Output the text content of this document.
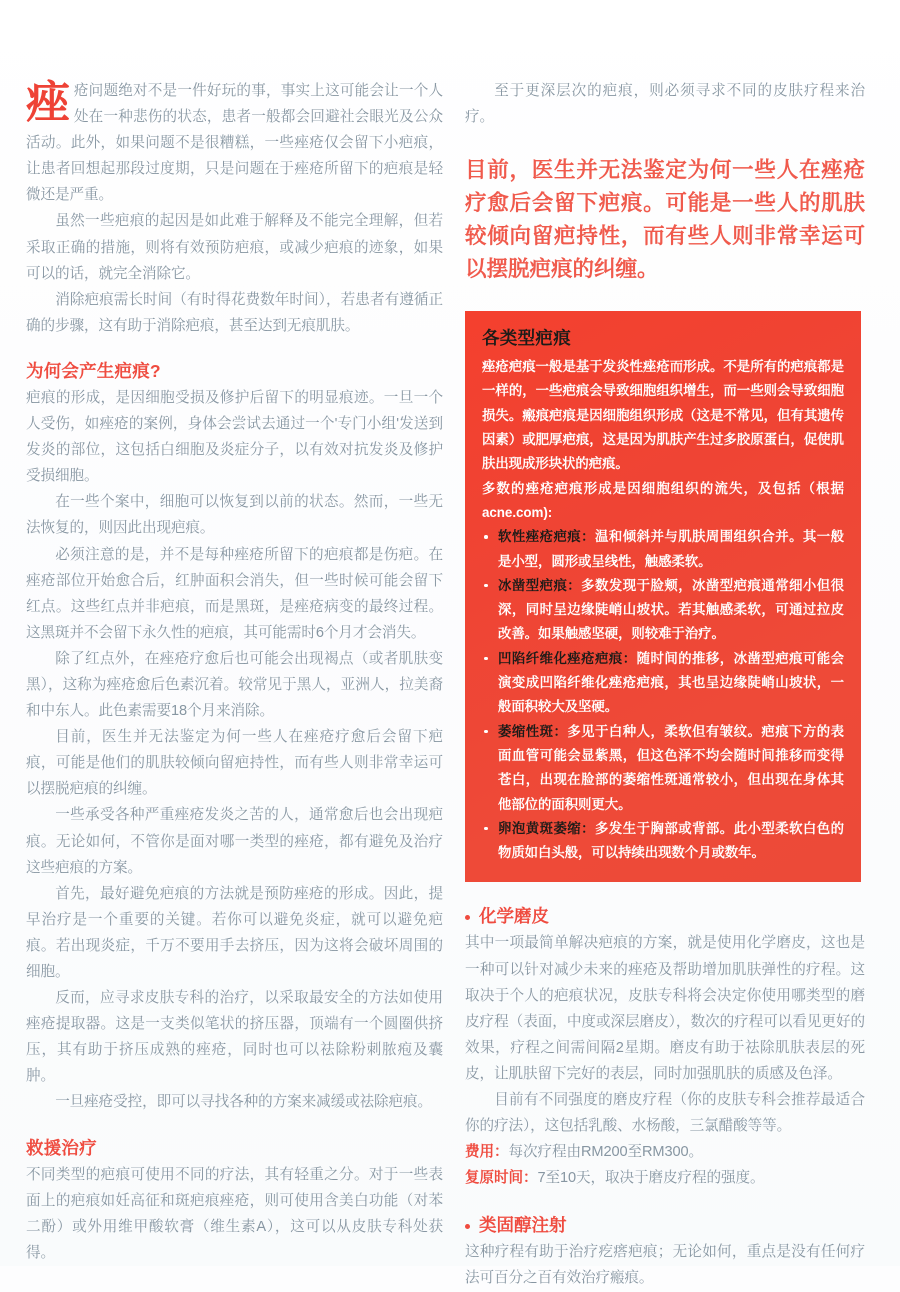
痤疮问题绝对不是一件好玩的事，事实上这可能会让一个人处在一种悲伤的状态，患者一般都会回避社会眼光及公众活动。此外，如果问题不是很糟糕，一些痤疮仅会留下小疤痕，让患者回想起那段过度期，只是问题在于痤疮所留下的疤痕是轻微还是严重。

虽然一些疤痕的起因是如此难于解释及不能完全理解，但若采取正确的措施，则将有效预防疤痕，或减少疤痕的迹象，如果可以的话，就完全消除它。

消除疤痕需长时间（有时得花费数年时间），若患者有遵循正确的步骤，这有助于消除疤痕，甚至达到无痕肌肤。

为何会产生疤痕?

疤痕的形成，是因细胞受损及修护后留下的明显痕迹。一旦一个人受伤，如痤疮的案例，身体会尝试去通过一个'专门小组'发送到发炎的部位，这包括白细胞及炎症分子，以有效对抗发炎及修护受损细胞。

在一些个案中，细胞可以恢复到以前的状态。然而，一些无法恢复的，则因此出现疤痕。

必须注意的是，并不是每种痤疮所留下的疤痕都是伤疤。在痤疮部位开始愈合后，红肿面积会消失，但一些时候可能会留下红点。这些红点并非疤痕，而是黑斑，是痤疮病变的最终过程。这黑斑并不会留下永久性的疤痕，其可能需时6个月才会消失。

除了红点外，在痤疮疗愈后也可能会出现褐点（或者肌肤变黑），这称为痤疮愈后色素沉着。较常见于黑人，亚洲人，拉美裔和中东人。此色素需要18个月来消除。

目前，医生并无法鉴定为何一些人在痤疮疗愈后会留下疤痕，可能是他们的肌肤较倾向留疤持性，而有些人则非常幸运可以摆脱疤痕的纠缠。

一些承受各种严重痤疮发炎之苦的人，通常愈后也会出现疤痕。无论如何，不管你是面对哪一类型的痤疮，都有避免及治疗这些疤痕的方案。

首先，最好避免疤痕的方法就是预防痤疮的形成。因此，提早治疗是一个重要的关键。若你可以避免炎症，就可以避免疤痕。若出现炎症，千万不要用手去挤压，因为这将会破坏周围的细胞。

反而，应寻求皮肤专科的治疗，以采取最安全的方法如使用痤疮提取器。这是一支类似笔状的挤压器，顶端有一个圆圈供挤压，其有助于挤压成熟的痤疮，同时也可以祛除粉刺脓疱及囊肿。

一旦痤疮受控，即可以寻找各种的方案来减缓或祛除疤痕。

救援治疗

不同类型的疤痕可使用不同的疗法，其有轻重之分。对于一些表面上的疤痕如妊高征和斑疤痕痤疮，则可使用含美白功能（对苯二酚）或外用维甲酸软膏（维生素A），这可以从皮肤专科处获得。

至于更深层次的疤痕，则必须寻求不同的皮肤疗程来治疗。

目前，医生并无法鉴定为何一些人在痤疮疗愈后会留下疤痕。可能是一些人的肌肤较倾向留疤持性，而有些人则非常幸运可以摆脱疤痕的纠缠。

各类型疤痕

痤疮疤痕一般是基于发炎性痤疮而形成。不是所有的疤痕都是一样的，一些疤痕会导致细胞组织增生，而一些则会导致细胞损失。瘢痕疤痕是因细胞组织形成（这是不常见，但有其遗传因素）或肥厚疤痕，这是因为肌肤产生过多胶原蛋白，促使肌肤出现成形块状的疤痕。

多数的痤疮疤痕形成是因细胞组织的流失，及包括（根据acne.com):

软性痤疮疤痕：温和倾斜并与肌肤周围组织合并。其一般是小型，圆形或呈线性，触感柔软。
冰凿型疤痕：多数发现于脸颊，冰凿型疤痕通常细小但很深，同时呈边缘陡峭山坡状。若其触感柔软，可通过拉皮改善。如果触感坚硬，则较难于治疗。
凹陷纤维化痤疮疤痕：随时间的推移，冰凿型疤痕可能会演变成凹陷纤维化痤疮疤痕，其也呈边缘陡峭山坡状，一般面积较大及坚硬。
萎缩性斑：多见于白种人，柔软但有皱纹。疤痕下方的表面血管可能会显紫黑，但这色泽不均会随时间推移而变得苍白，出现在脸部的萎缩性斑通常较小，但出现在身体其他部位的面积则更大。
卵泡黄斑萎缩：多发生于胸部或背部。此小型柔软白色的物质如白头般，可以持续出现数个月或数年。
化学磨皮

其中一项最简单解决疤痕的方案，就是使用化学磨皮，这也是一种可以针对减少未来的痤疮及帮助增加肌肤弹性的疗程。这取决于个人的疤痕状况，皮肤专科将会决定你使用哪类型的磨皮疗程（表面，中度或深层磨皮），数次的疗程可以看见更好的效果，疗程之间需间隔2星期。磨皮有助于祛除肌肤表层的死皮，让肌肤留下完好的表层，同时加强肌肤的质感及色泽。

目前有不同强度的磨皮疗程（你的皮肤专科会推荐最适合你的疗法），这包括乳酸、水杨酸，三氯醋酸等等。

费用：每次疗程由RM200至RM300。

复原时间：7至10天，取决于磨皮疗程的强度。

类固醇注射

这种疗程有助于治疗疙瘩疤痕；无论如何，重点是没有任何疗法可百分之百有效治疗瘢痕。
